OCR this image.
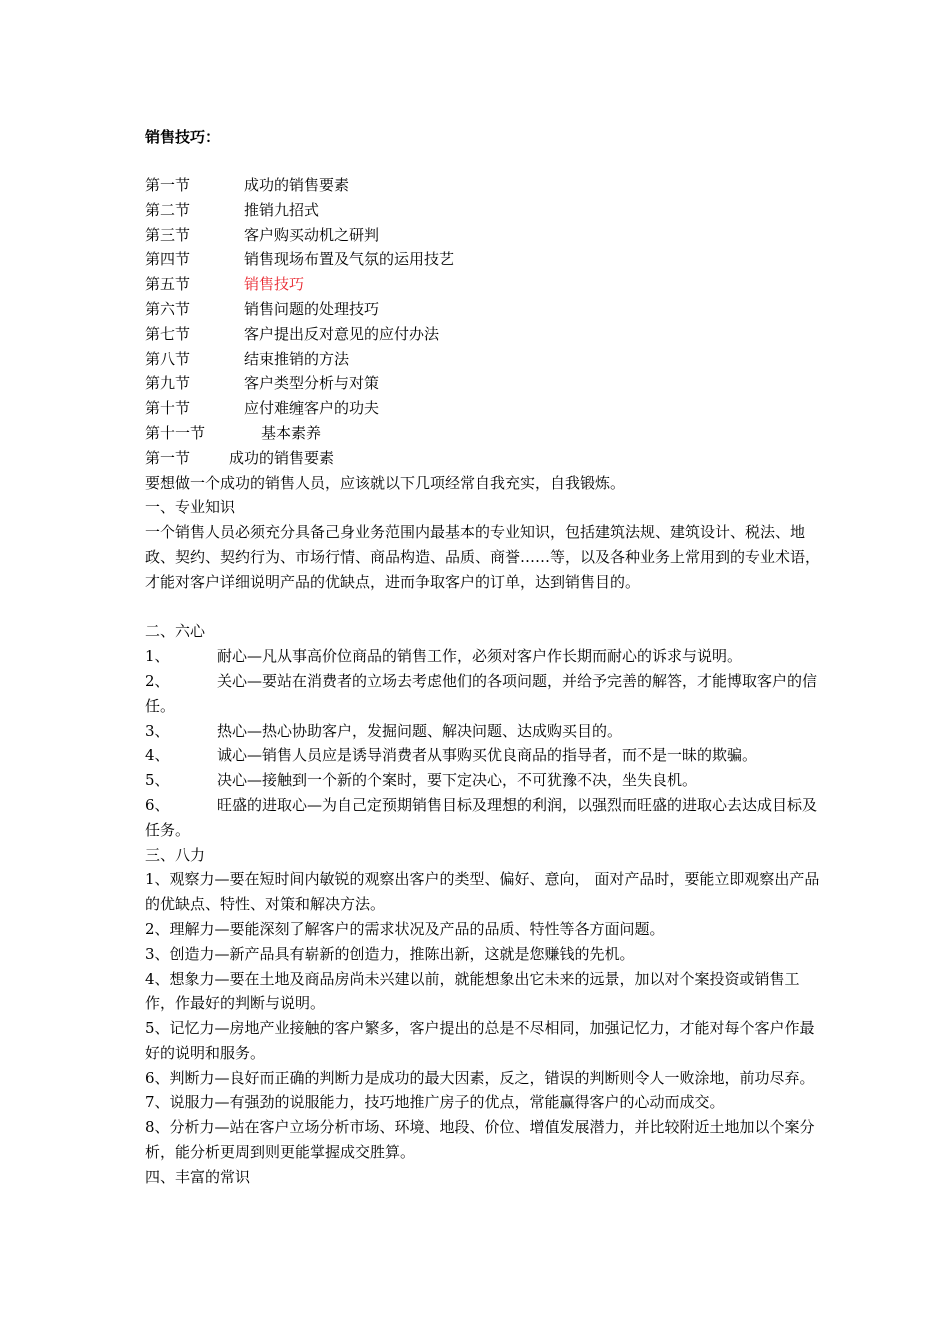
销售技巧：
第一节	成功的销售要素
第二节	推销九招式
第三节	客户购买动机之研判
第四节	销售现场布置及气氛的运用技艺
第五节	销售技巧
第六节	销售问题的处理技巧
第七节	客户提出反对意见的应付办法
第八节	结束推销的方法
第九节	客户类型分析与对策
第十节	应付难缠客户的功夫
第十一节	基本素养
第一节	成功的销售要素

要想做一个成功的销售人员，应该就以下几项经常自我充实，自我锻炼。

一、专业知识

一个销售人员必须充分具备己身业务范围内最基本的专业知识，包括建筑法规、建筑设计、税法、地政、契约、契约行为、市场行情、商品构造、品质、商誉……等，以及各种业务上常用到的专业术语，才能对客户详细说明产品的优缺点，进而争取客户的订单，达到销售目的。

二、六心

1、	耐心—凡从事高价位商品的销售工作，必须对客户作长期而耐心的诉求与说明。

2、	关心—要站在消费者的立场去考虑他们的各项问题，并给予完善的解答，才能博取客户的信任。

3、	热心—热心协助客户，发掘问题、解决问题、达成购买目的。

4、	诚心—销售人员应是诱导消费者从事购买优良商品的指导者，而不是一昧的欺骗。

5、	决心—接触到一个新的个案时，要下定决心，不可犹豫不决，坐失良机。

6、	旺盛的进取心—为自己定预期销售目标及理想的利润，以强烈而旺盛的进取心去达成目标及任务。

三、八力

1、观察力—要在短时间内敏锐的观察出客户的类型、偏好、意向， 面对产品时，要能立即观察出产品的优缺点、特性、对策和解决方法。

2、理解力—要能深刻了解客户的需求状况及产品的品质、特性等各方面问题。

3、创造力—新产品具有崭新的创造力，推陈出新，这就是您赚钱的先机。

4、想象力—要在土地及商品房尚未兴建以前，就能想象出它未来的远景，加以对个案投资或销售工作，作最好的判断与说明。

5、记忆力—房地产业接触的客户繁多，客户提出的总是不尽相同，加强记忆力，才能对每个客户作最好的说明和服务。

6、判断力—良好而正确的判断力是成功的最大因素，反之，错误的判断则令人一败涂地，前功尽弃。

7、说服力—有强劲的说服能力，技巧地推广房子的优点，常能赢得客户的心动而成交。

8、分析力—站在客户立场分析市场、环境、地段、价位、增值发展潜力，并比较附近土地加以个案分析，能分析更周到则更能掌握成交胜算。

四、丰富的常识
